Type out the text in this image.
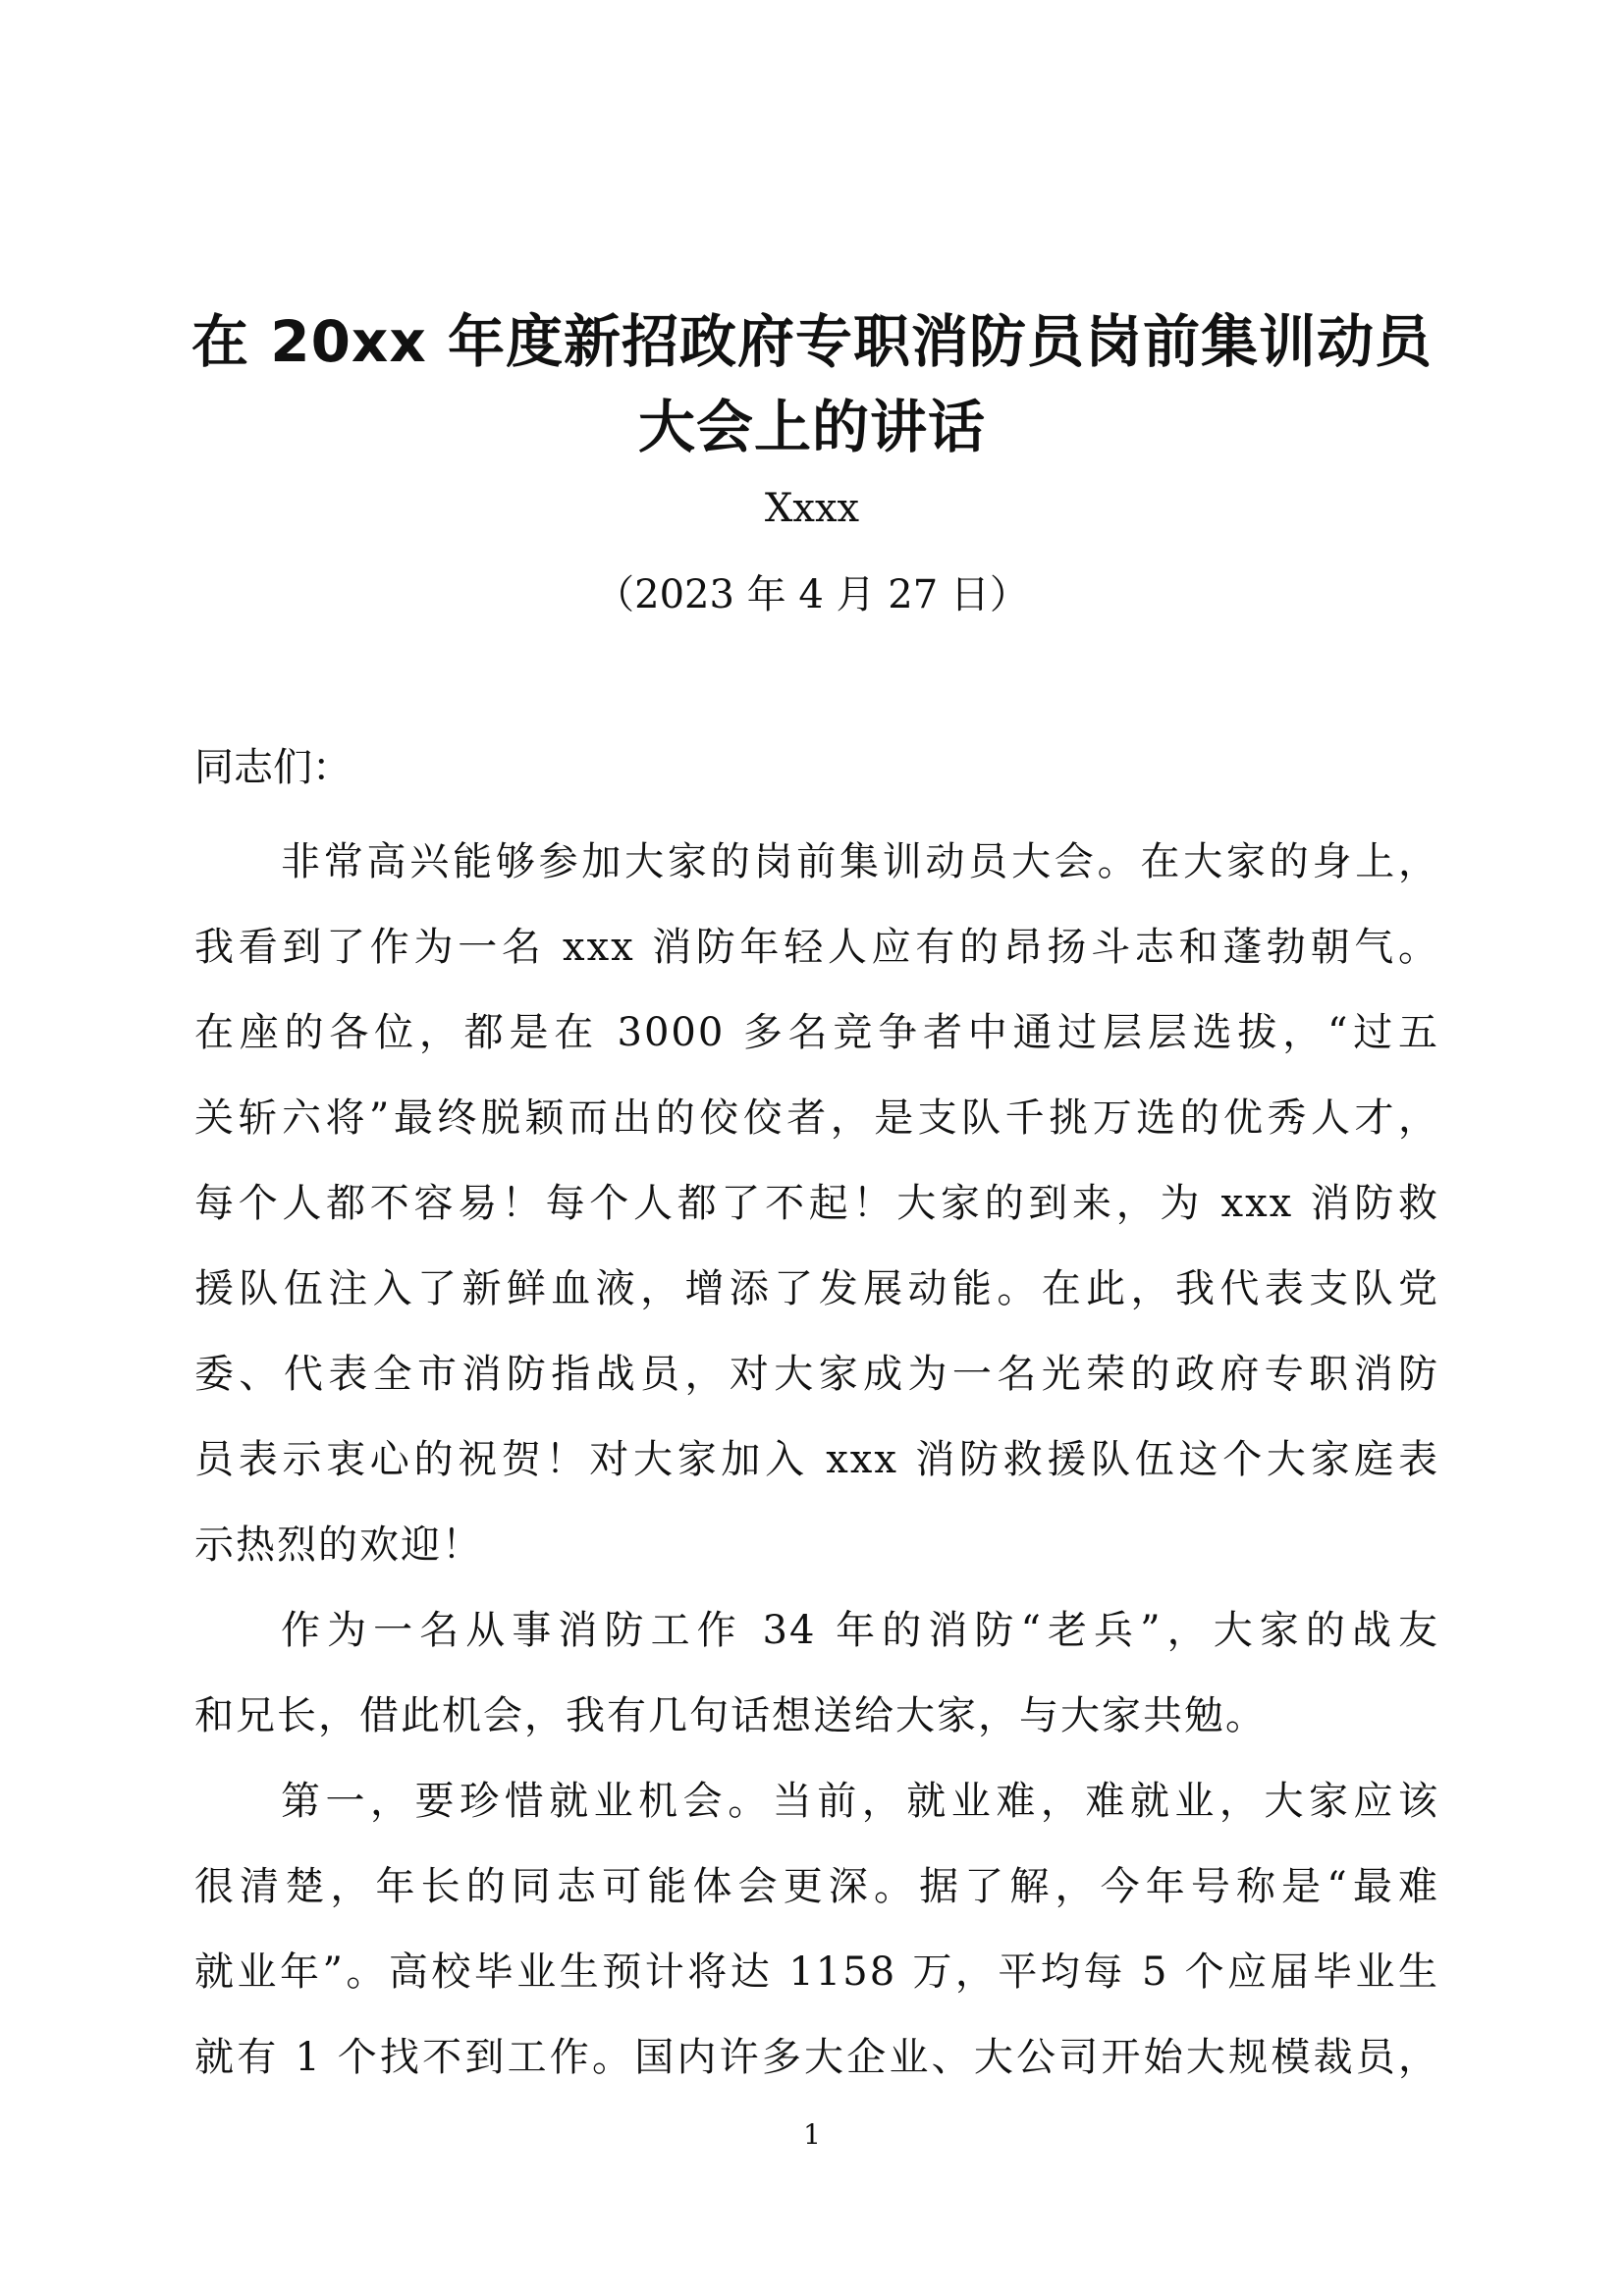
在 20xx 年度新招政府专职消防员岗前集训动员
大会上的讲话
Xxxx
（2023 年 4 月 27 日）
同志们：
非常高兴能够参加大家的岗前集训动员大会。在大家的身上，
我看到了作为一名 xxx 消防年轻人应有的昂扬斗志和蓬勃朝气。
在座的各位，都是在 3000 多名竞争者中通过层层选拔，“过五
关斩六将”最终脱颖而出的佼佼者，是支队千挑万选的优秀人才，
每个人都不容易！每个人都了不起！大家的到来，为 xxx 消防救
援队伍注入了新鲜血液，增添了发展动能。在此，我代表支队党
委、代表全市消防指战员，对大家成为一名光荣的政府专职消防
员表示衷心的祝贺！对大家加入 xxx 消防救援队伍这个大家庭表
示热烈的欢迎！
作为一名从事消防工作 34 年的消防“老兵”，大家的战友
和兄长，借此机会，我有几句话想送给大家，与大家共勉。
第一，要珍惜就业机会。当前，就业难，难就业，大家应该
很清楚，年长的同志可能体会更深。据了解，今年号称是“最难
就业年”。高校毕业生预计将达 1158 万，平均每 5 个应届毕业生
就有 1 个找不到工作。国内许多大企业、大公司开始大规模裁员，
1
